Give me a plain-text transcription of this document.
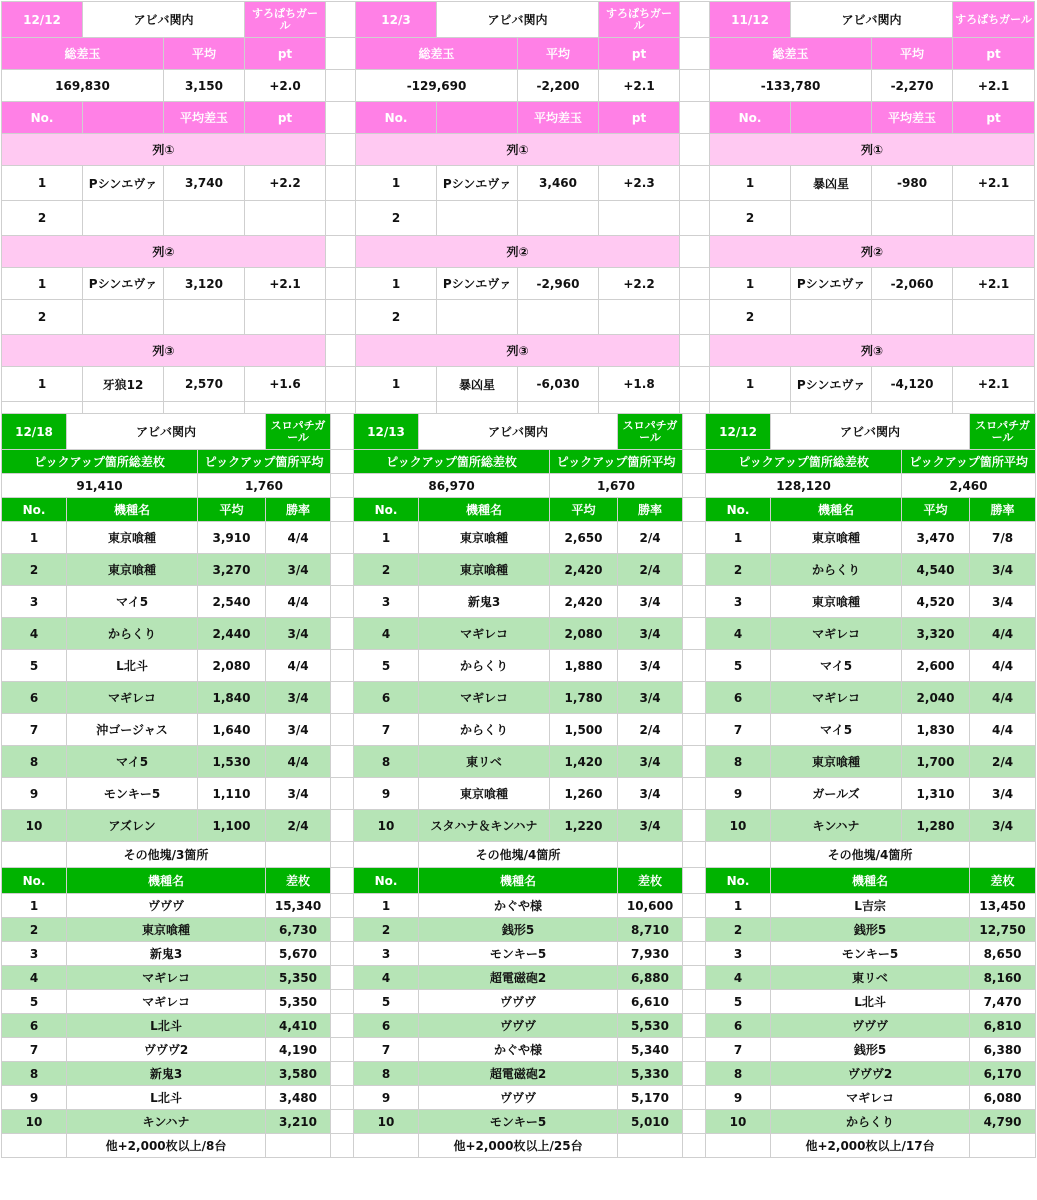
12/12	アビバ関内		すろぱちガール		12/3	アビバ関内		すろぱちガール		11/12	アビバ関内		すろぱちガール
総差玉		平均	pt		総差玉		平均	pt		総差玉		平均	pt
169,830		3,150	+2.0		-129,690		-2,200	+2.1		-133,780		-2,270	+2.1
No.		平均差玉	pt		No.		平均差玉	pt		No.		平均差玉	pt
列①					列①					列①			
1	Pシンエヴァ	3,740	+2.2		1	Pシンエヴァ	3,460	+2.3		1	暴凶星	-980	+2.1
2					2					2			
列②					列②					列②			
1	Pシンエヴァ	3,120	+2.1		1	Pシンエヴァ	-2,960	+2.2		1	Pシンエヴァ	-2,060	+2.1
2					2					2			
列③					列③					列③			
1	牙狼12	2,570	+1.6		1	暴凶星	-6,030	+1.8		1	Pシンエヴァ	-4,120	+2.1

12/18	アビバ関内		スロパチガール		12/13	アビバ関内		スロパチガール		12/12	アビバ関内		スロパチガール
ピックアップ箇所総差枚		ピックアップ箇所平均			ピックアップ箇所総差枚		ピックアップ箇所平均			ピックアップ箇所総差枚		ピックアップ箇所平均	
91,410		1,760			86,970		1,670			128,120		2,460	
No.	機種名	平均	勝率		No.	機種名	平均	勝率		No.	機種名	平均	勝率
1	東京喰種	3,910	4/4		1	東京喰種	2,650	2/4		1	東京喰種	3,470	7/8
2	東京喰種	3,270	3/4		2	東京喰種	2,420	2/4		2	からくり	4,540	3/4
3	マイ5	2,540	4/4		3	新鬼3	2,420	3/4		3	東京喰種	4,520	3/4
4	からくり	2,440	3/4		4	マギレコ	2,080	3/4		4	マギレコ	3,320	4/4
5	L北斗	2,080	4/4		5	からくり	1,880	3/4		5	マイ5	2,600	4/4
6	マギレコ	1,840	3/4		6	マギレコ	1,780	3/4		6	マギレコ	2,040	4/4
7	沖ゴージャス	1,640	3/4		7	からくり	1,500	2/4		7	マイ5	1,830	4/4
8	マイ5	1,530	4/4		8	東リベ	1,420	3/4		8	東京喰種	1,700	2/4
9	モンキー5	1,110	3/4		9	東京喰種	1,260	3/4		9	ガールズ	1,310	3/4
10	アズレン	1,100	2/4		10	スタハナ＆キンハナ	1,220	3/4		10	キンハナ	1,280	3/4
	その他塊/3箇所					その他塊/4箇所					その他塊/4箇所		
No.	機種名		差枚		No.	機種名		差枚		No.	機種名		差枚
1	ヴヴヴ		15,340		1	かぐや様		10,600		1	L吉宗		13,450
2	東京喰種		6,730		2	銭形5		8,710		2	銭形5		12,750
3	新鬼3		5,670		3	モンキー5		7,930		3	モンキー5		8,650
4	マギレコ		5,350		4	超電磁砲2		6,880		4	東リベ		8,160
5	マギレコ		5,350		5	ヴヴヴ		6,610		5	L北斗		7,470
6	L北斗		4,410		6	ヴヴヴ		5,530		6	ヴヴヴ		6,810
7	ヴヴヴ2		4,190		7	かぐや様		5,340		7	銭形5		6,380
8	新鬼3		3,580		8	超電磁砲2		5,330		8	ヴヴヴ2		6,170
9	L北斗		3,480		9	ヴヴヴ		5,170		9	マギレコ		6,080
10	キンハナ		3,210		10	モンキー5		5,010		10	からくり		4,790
	他+2,000枚以上/8台					他+2,000枚以上/25台					他+2,000枚以上/17台		
